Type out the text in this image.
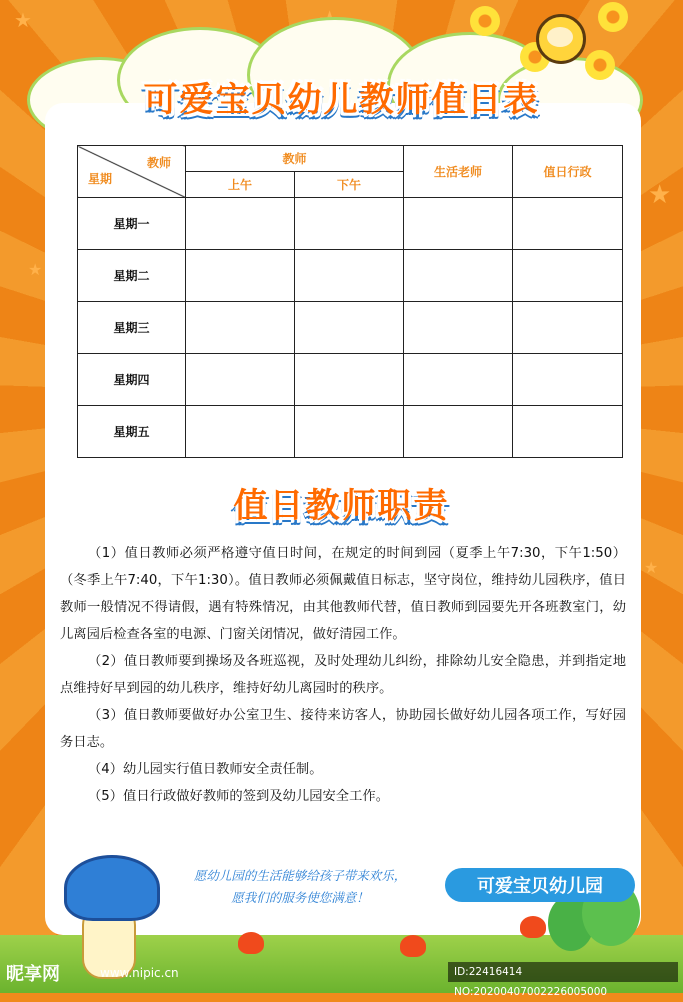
★
★
★
★
可爱宝贝幼儿教师值日表
教师
星期	教师		生活老师	值日行政
	上午	下午		
星期一				
星期二				
星期三				
星期四				
星期五				
值日教师职责

（1）值日教师必须严格遵守值日时间，在规定的时间到园（夏季上午7:30，下午1:50）（冬季上午7:40，下午1:30）。值日教师必须佩戴值日标志，坚守岗位，维持幼儿园秩序，值日教师一般情况不得请假，遇有特殊情况，由其他教师代替，值日教师到园要先开各班教室门，幼儿离园后检查各室的电源、门窗关闭情况，做好清园工作。

（2）值日教师要到操场及各班巡视，及时处理幼儿纠纷，排除幼儿安全隐患，并到指定地点维持好早到园的幼儿秩序，维持好幼儿离园时的秩序。

（3）值日教师要做好办公室卫生、接待来访客人，协助园长做好幼儿园各项工作，写好园务日志。

（4）幼儿园实行值日教师安全责任制。

（5）值日行政做好教师的签到及幼儿园安全工作。

愿幼儿园的生活能够给孩子带来欢乐，
愿我们的服务使您满意！
可爱宝贝幼儿园
昵享网	www.nipic.cn	ID:22416414 NO:20200407002226005000
